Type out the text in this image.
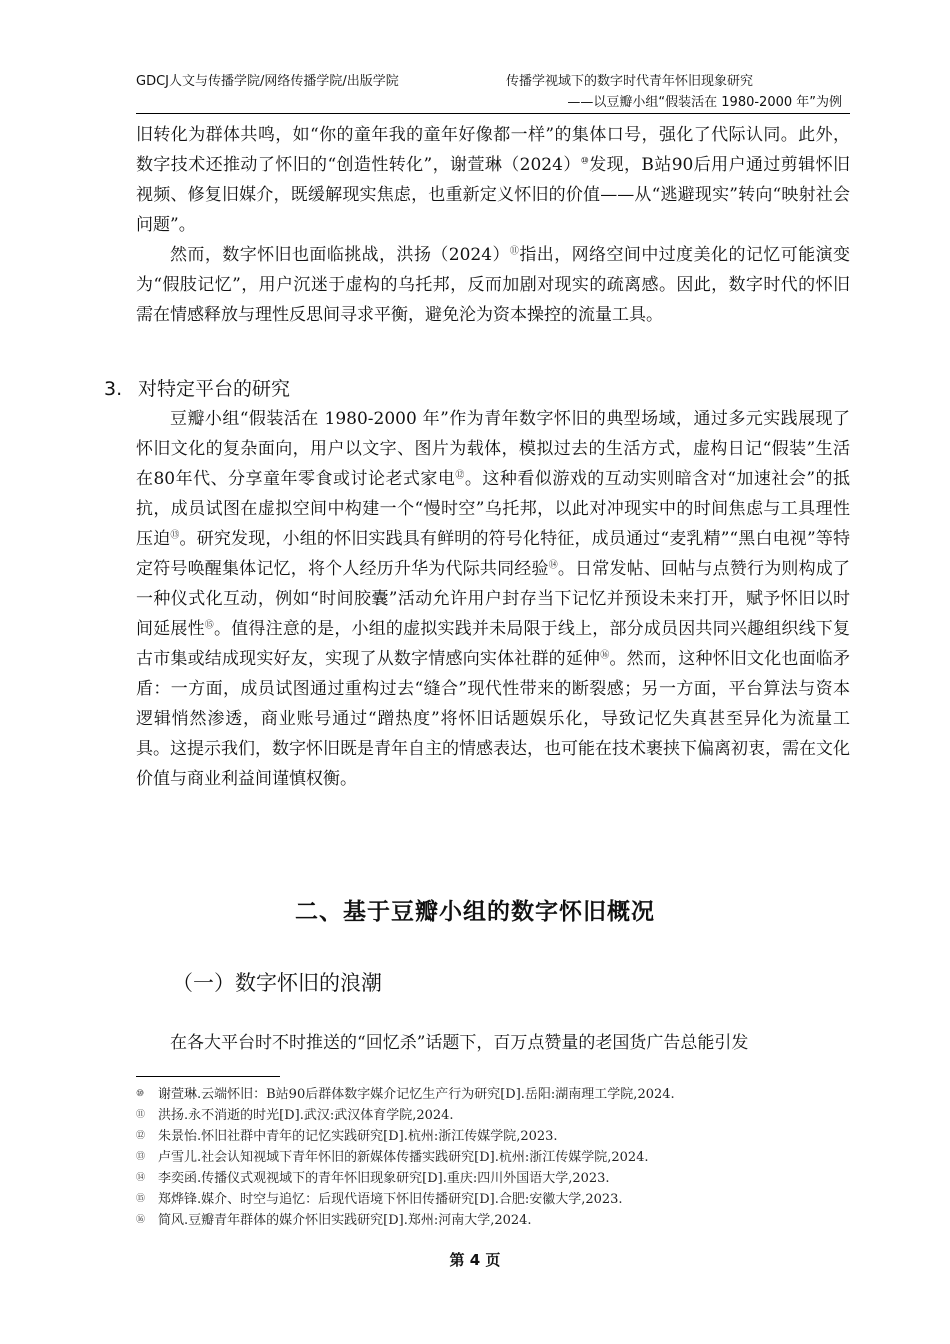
GDCJ人文与传播学院/网络传播学院/出版学院	传播学视域下的数字时代青年怀旧现象研究
——以豆瓣小组“假装活在 1980-2000 年”为例

旧转化为群体共鸣，如“你的童年我的童年好像都一样”的集体口号，强化了代际认同。此外，数字技术还推动了怀旧的“创造性转化”，谢萱琳（2024）⑩发现，B站90后用户通过剪辑怀旧视频、修复旧媒介，既缓解现实焦虑，也重新定义怀旧的价值——从“逃避现实”转向“映射社会问题”。

然而，数字怀旧也面临挑战，洪扬（2024）⑪指出，网络空间中过度美化的记忆可能演变为“假肢记忆”，用户沉迷于虚构的乌托邦，反而加剧对现实的疏离感。因此，数字时代的怀旧需在情感释放与理性反思间寻求平衡，避免沦为资本操控的流量工具。

3. 对特定平台的研究

豆瓣小组“假装活在 1980-2000 年”作为青年数字怀旧的典型场域，通过多元实践展现了怀旧文化的复杂面向，用户以文字、图片为载体，模拟过去的生活方式，虚构日记“假装”生活在80年代、分享童年零食或讨论老式家电⑫。这种看似游戏的互动实则暗含对“加速社会”的抵抗，成员试图在虚拟空间中构建一个“慢时空”乌托邦，以此对冲现实中的时间焦虑与工具理性压迫⑬。研究发现，小组的怀旧实践具有鲜明的符号化特征，成员通过“麦乳精”“黑白电视”等特定符号唤醒集体记忆，将个人经历升华为代际共同经验⑭。日常发帖、回帖与点赞行为则构成了一种仪式化互动，例如“时间胶囊”活动允许用户封存当下记忆并预设未来打开，赋予怀旧以时间延展性⑮。值得注意的是，小组的虚拟实践并未局限于线上，部分成员因共同兴趣组织线下复古市集或结成现实好友，实现了从数字情感向实体社群的延伸⑯。然而，这种怀旧文化也面临矛盾：一方面，成员试图通过重构过去“缝合”现代性带来的断裂感；另一方面，平台算法与资本逻辑悄然渗透，商业账号通过“蹭热度”将怀旧话题娱乐化，导致记忆失真甚至异化为流量工具。这提示我们，数字怀旧既是青年自主的情感表达，也可能在技术裹挟下偏离初衷，需在文化价值与商业利益间谨慎权衡。

二、基于豆瓣小组的数字怀旧概况
（一）数字怀旧的浪潮

在各大平台时不时推送的“回忆杀”话题下，百万点赞量的老国货广告总能引发

⑩ 谢萱琳.云端怀旧：B站90后群体数字媒介记忆生产行为研究[D].岳阳:湖南理工学院,2024.
⑪ 洪扬.永不消逝的时光[D].武汉:武汉体育学院,2024.
⑫ 朱景怡.怀旧社群中青年的记忆实践研究[D].杭州:浙江传媒学院,2023.
⑬ 卢雪儿.社会认知视域下青年怀旧的新媒体传播实践研究[D].杭州:浙江传媒学院,2024.
⑭ 李奕函.传播仪式观视域下的青年怀旧现象研究[D].重庆:四川外国语大学,2023.
⑮ 郑烨锋.媒介、时空与追忆：后现代语境下怀旧传播研究[D].合肥:安徽大学,2023.
⑯ 简风.豆瓣青年群体的媒介怀旧实践研究[D].郑州:河南大学,2024.
第 4 页
